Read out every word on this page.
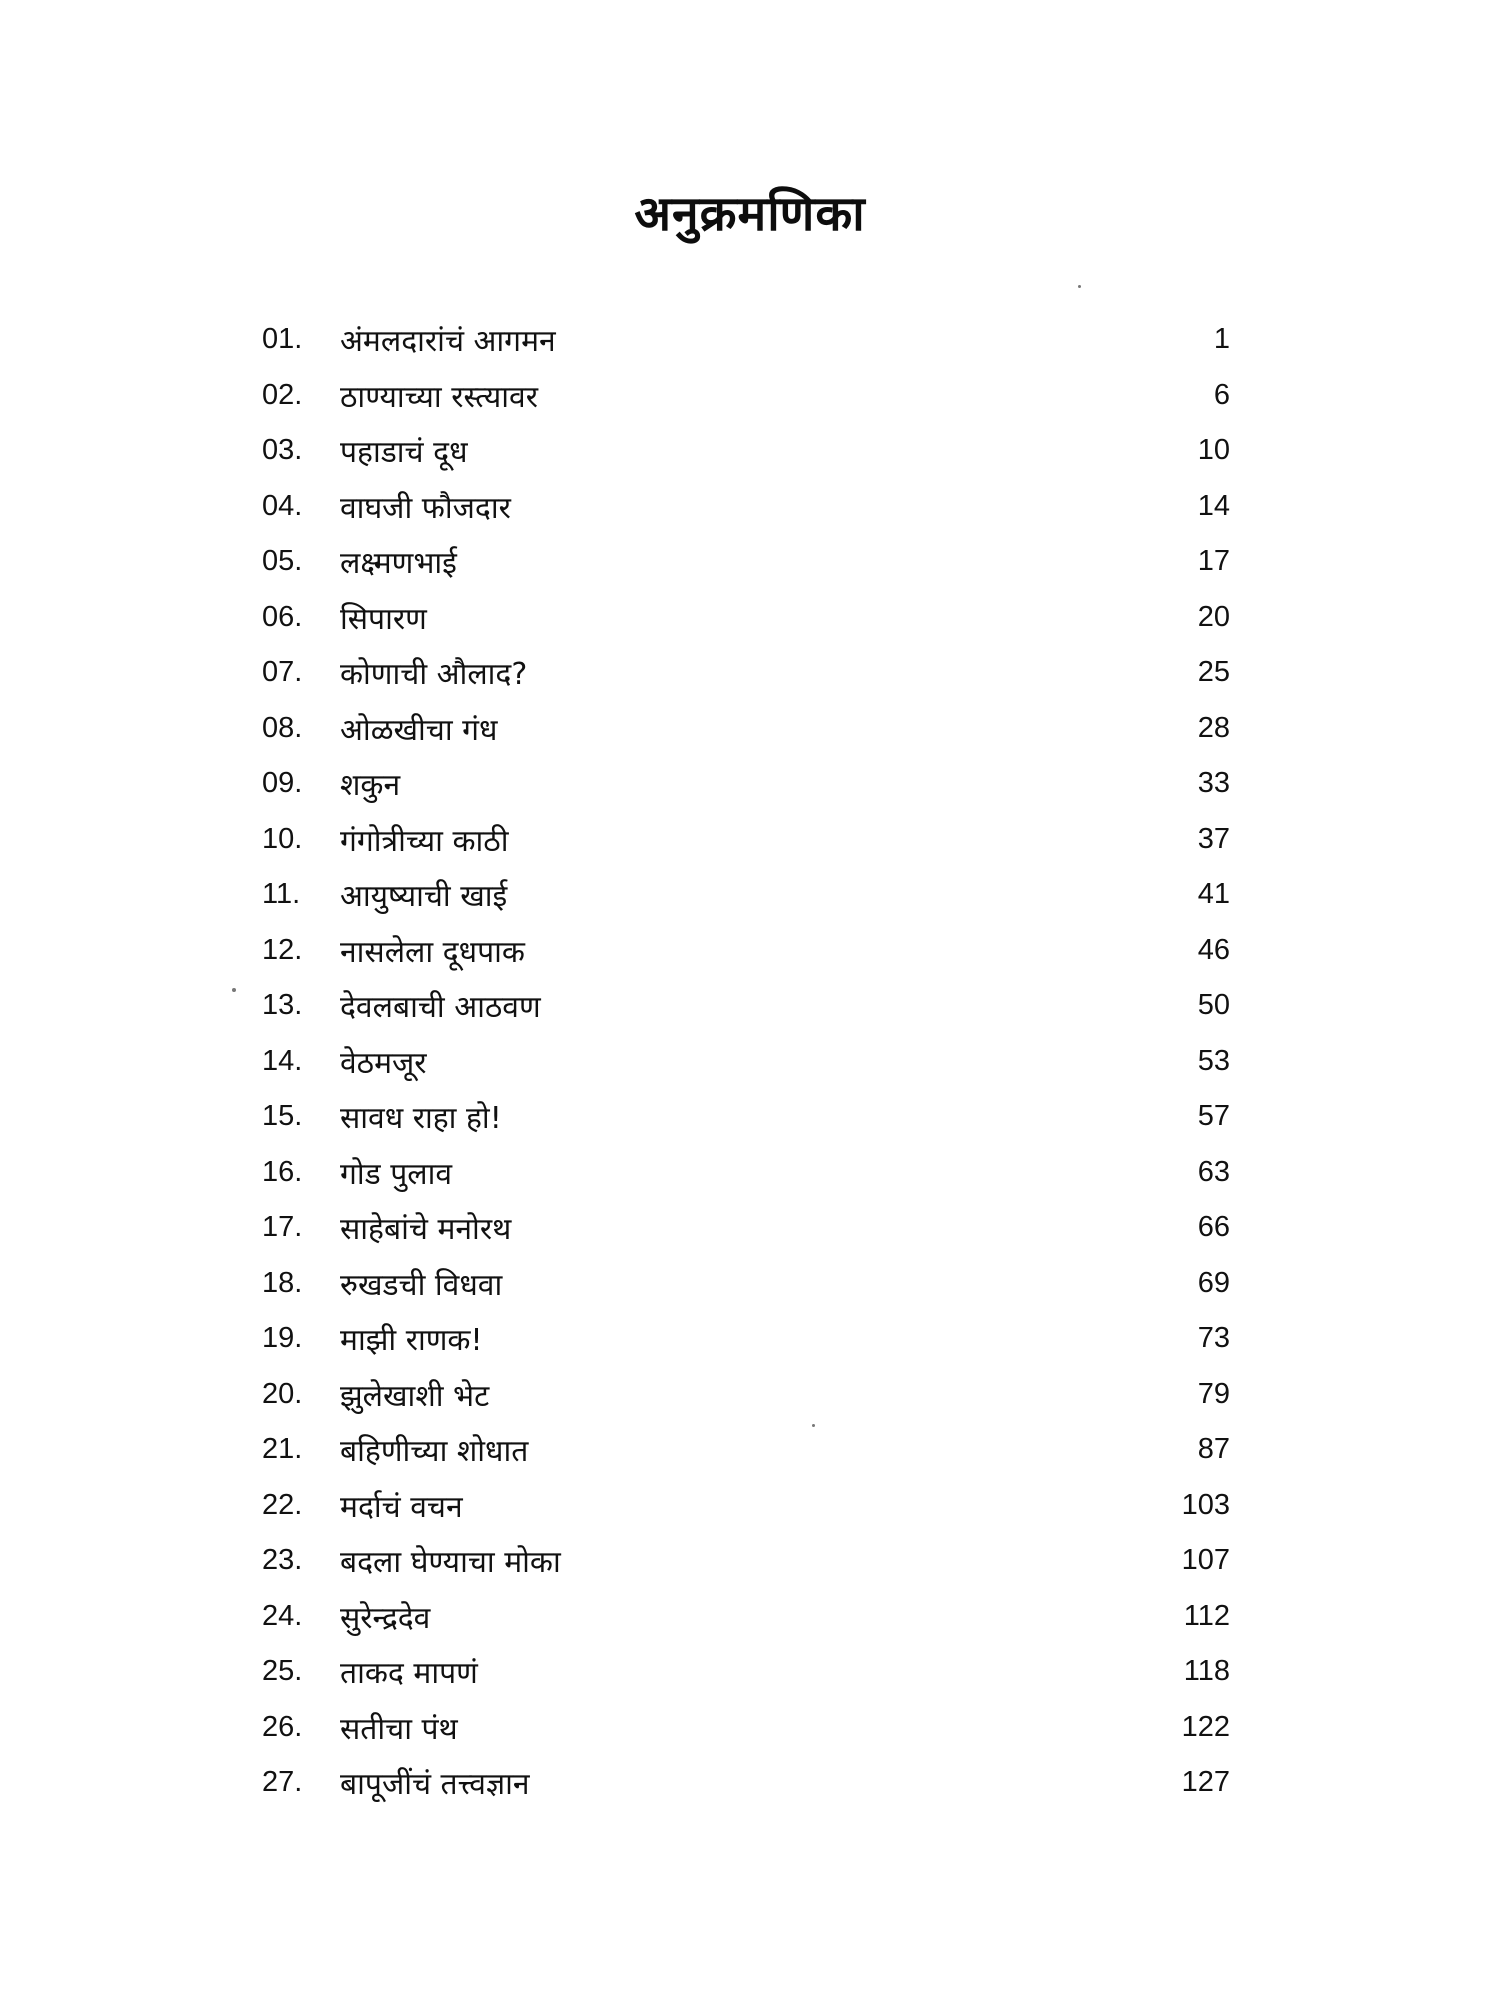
अनुक्रमणिका
01.	अंमलदारांचं आगमन	1
02.	ठाण्याच्या रस्त्यावर	6
03.	पहाडाचं दूध	10
04.	वाघजी फौजदार	14
05.	लक्ष्मणभाई	17
06.	सिपारण	20
07.	कोणाची औलाद?	25
08.	ओळखीचा गंध	28
09.	शकुन	33
10.	गंगोत्रीच्या काठी	37
11.	आयुष्याची खाई	41
12.	नासलेला दूधपाक	46
13.	देवलबाची आठवण	50
14.	वेठमजूर	53
15.	सावध राहा हो!	57
16.	गोड पुलाव	63
17.	साहेबांचे मनोरथ	66
18.	रुखडची विधवा	69
19.	माझी राणक!	73
20.	झुलेखाशी भेट	79
21.	बहिणीच्या शोधात	87
22.	मर्दाचं वचन	103
23.	बदला घेण्याचा मोका	107
24.	सुरेन्द्रदेव	112
25.	ताकद मापणं	118
26.	सतीचा पंथ	122
27.	बापूजींचं तत्त्वज्ञान	127
